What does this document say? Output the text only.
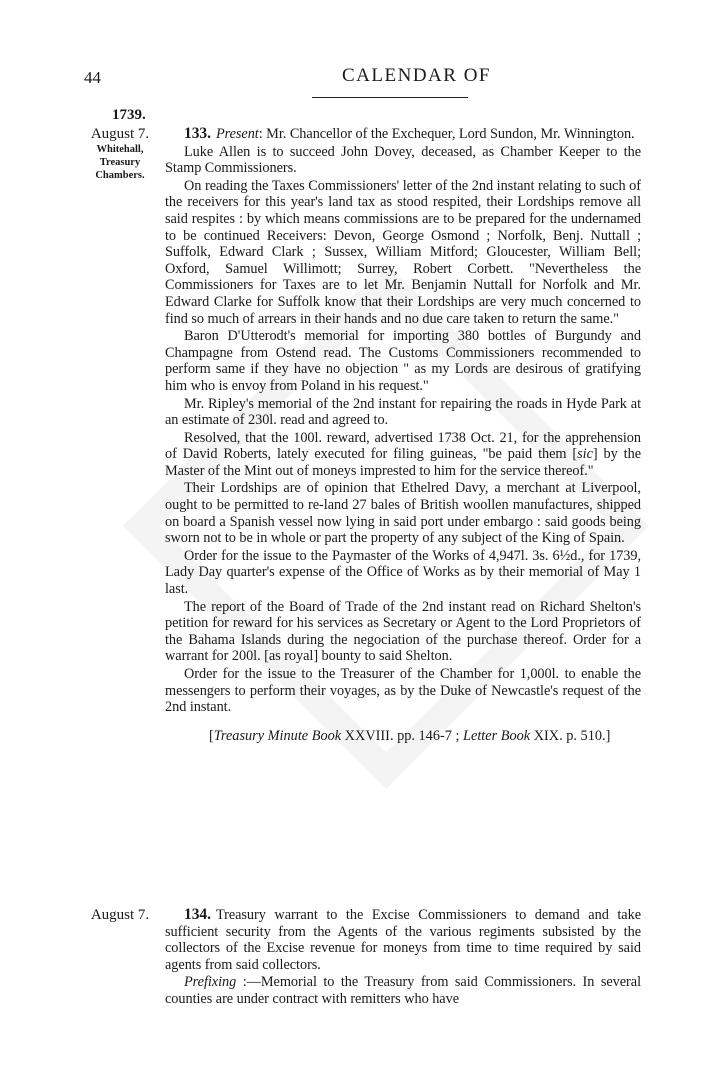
44	CALENDAR OF
1739.
August 7.
Whitehall,
Treasury
Chambers.

133. Present: Mr. Chancellor of the Exchequer, Lord Sundon, Mr. Winnington.

Luke Allen is to succeed John Dovey, deceased, as Chamber Keeper to the Stamp Commissioners.

On reading the Taxes Commissioners' letter of the 2nd instant relating to such of the receivers for this year's land tax as stood respited, their Lordships remove all said respites : by which means commissions are to be prepared for the undernamed to be continued Receivers: Devon, George Osmond ; Norfolk, Benj. Nuttall ; Suffolk, Edward Clark ; Sussex, William Mitford; Gloucester, William Bell; Oxford, Samuel Willimott; Surrey, Robert Corbett. "Nevertheless the Commissioners for Taxes are to let Mr. Benjamin Nuttall for Norfolk and Mr. Edward Clarke for Suffolk know that their Lordships are very much concerned to find so much of arrears in their hands and no due care taken to return the same."

Baron D'Utterodt's memorial for importing 380 bottles of Burgundy and Champagne from Ostend read. The Customs Commissioners recommended to perform same if they have no objection " as my Lords are desirous of gratifying him who is envoy from Poland in his request."

Mr. Ripley's memorial of the 2nd instant for repairing the roads in Hyde Park at an estimate of 230l. read and agreed to.

Resolved, that the 100l. reward, advertised 1738 Oct. 21, for the apprehension of David Roberts, lately executed for filing guineas, "be paid them [sic] by the Master of the Mint out of moneys imprested to him for the service thereof."

Their Lordships are of opinion that Ethelred Davy, a merchant at Liverpool, ought to be permitted to re-land 27 bales of British woollen manufactures, shipped on board a Spanish vessel now lying in said port under embargo : said goods being sworn not to be in whole or part the property of any subject of the King of Spain.

Order for the issue to the Paymaster of the Works of 4,947l. 3s. 6½d., for 1739, Lady Day quarter's expense of the Office of Works as by their memorial of May 1 last.

The report of the Board of Trade of the 2nd instant read on Richard Shelton's petition for reward for his services as Secretary or Agent to the Lord Proprietors of the Bahama Islands during the negociation of the purchase thereof. Order for a warrant for 200l. [as royal] bounty to said Shelton.

Order for the issue to the Treasurer of the Chamber for 1,000l. to enable the messengers to perform their voyages, as by the Duke of Newcastle's request of the 2nd instant.

[Treasury Minute Book XXVIII. pp. 146-7 ; Letter Book XIX. p. 510.]

August 7.	134. Treasury warrant to the Excise Commissioners to demand and take sufficient security from the Agents of the various regiments subsisted by the collectors of the Excise revenue for moneys from time to time required by said agents from said collectors.

Prefixing :—Memorial to the Treasury from said Commissioners. In several counties are under contract with remitters who have
